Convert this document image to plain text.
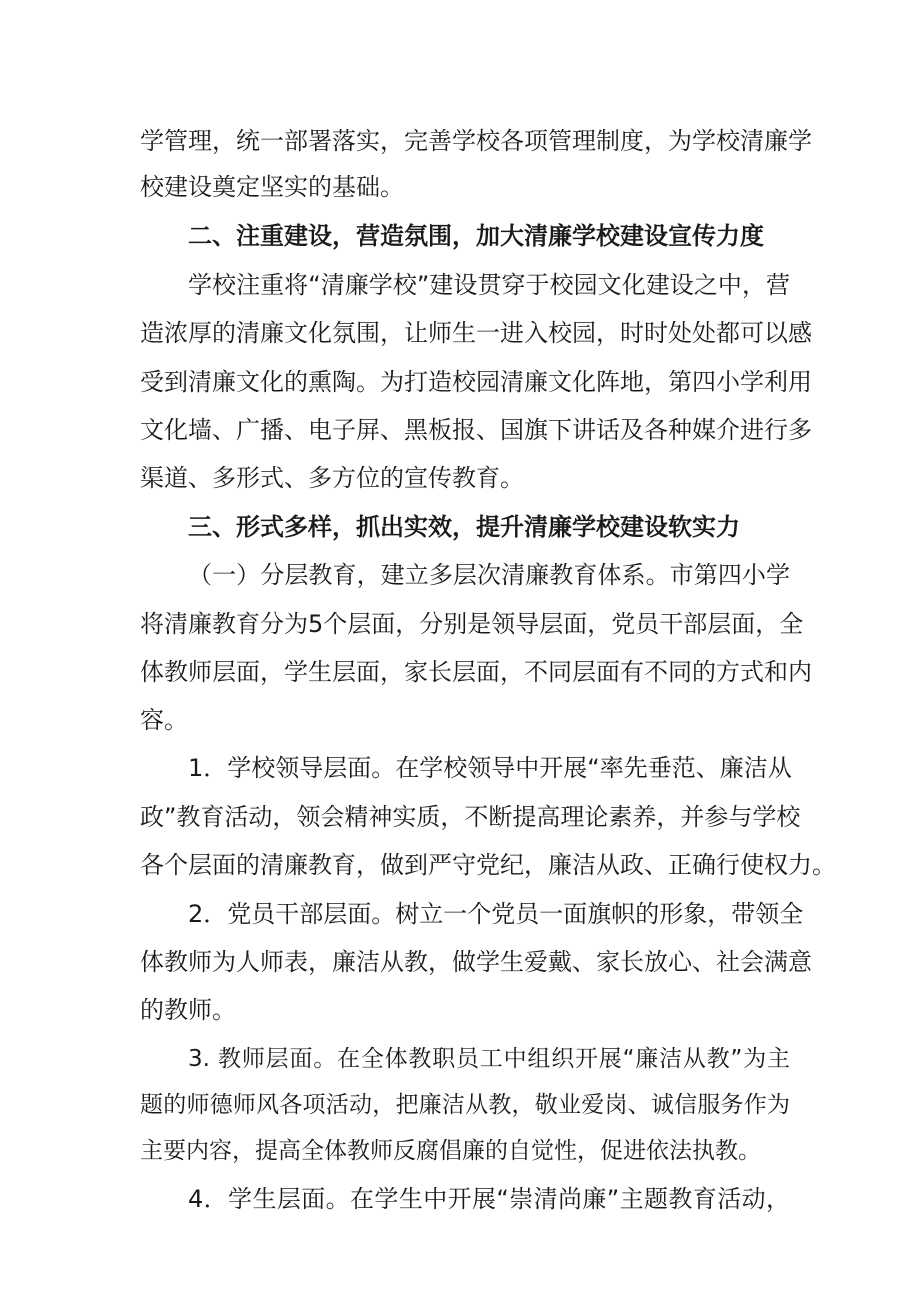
学管理，统一部署落实，完善学校各项管理制度，为学校清廉学
校建设奠定坚实的基础。
二、注重建设，营造氛围，加大清廉学校建设宣传力度
学校注重将“清廉学校”建设贯穿于校园文化建设之中，营
造浓厚的清廉文化氛围，让师生一进入校园，时时处处都可以感
受到清廉文化的熏陶。为打造校园清廉文化阵地，第四小学利用
文化墙、广播、电子屏、黑板报、国旗下讲话及各种媒介进行多
渠道、多形式、多方位的宣传教育。
三、形式多样，抓出实效，提升清廉学校建设软实力
（一）分层教育，建立多层次清廉教育体系。市第四小学
将清廉教育分为5个层面，分别是领导层面，党员干部层面，全
体教师层面，学生层面，家长层面，不同层面有不同的方式和内
容。
1．学校领导层面。在学校领导中开展“率先垂范、廉洁从
政”教育活动，领会精神实质，不断提高理论素养，并参与学校
各个层面的清廉教育，做到严守党纪，廉洁从政、正确行使权力。
2．党员干部层面。树立一个党员一面旗帜的形象，带领全
体教师为人师表，廉洁从教，做学生爱戴、家长放心、社会满意
的教师。
3. 教师层面。在全体教职员工中组织开展“廉洁从教”为主
题的师德师风各项活动，把廉洁从教，敬业爱岗、诚信服务作为
主要内容，提高全体教师反腐倡廉的自觉性，促进依法执教。
4．学生层面。在学生中开展“崇清尚廉”主题教育活动，
